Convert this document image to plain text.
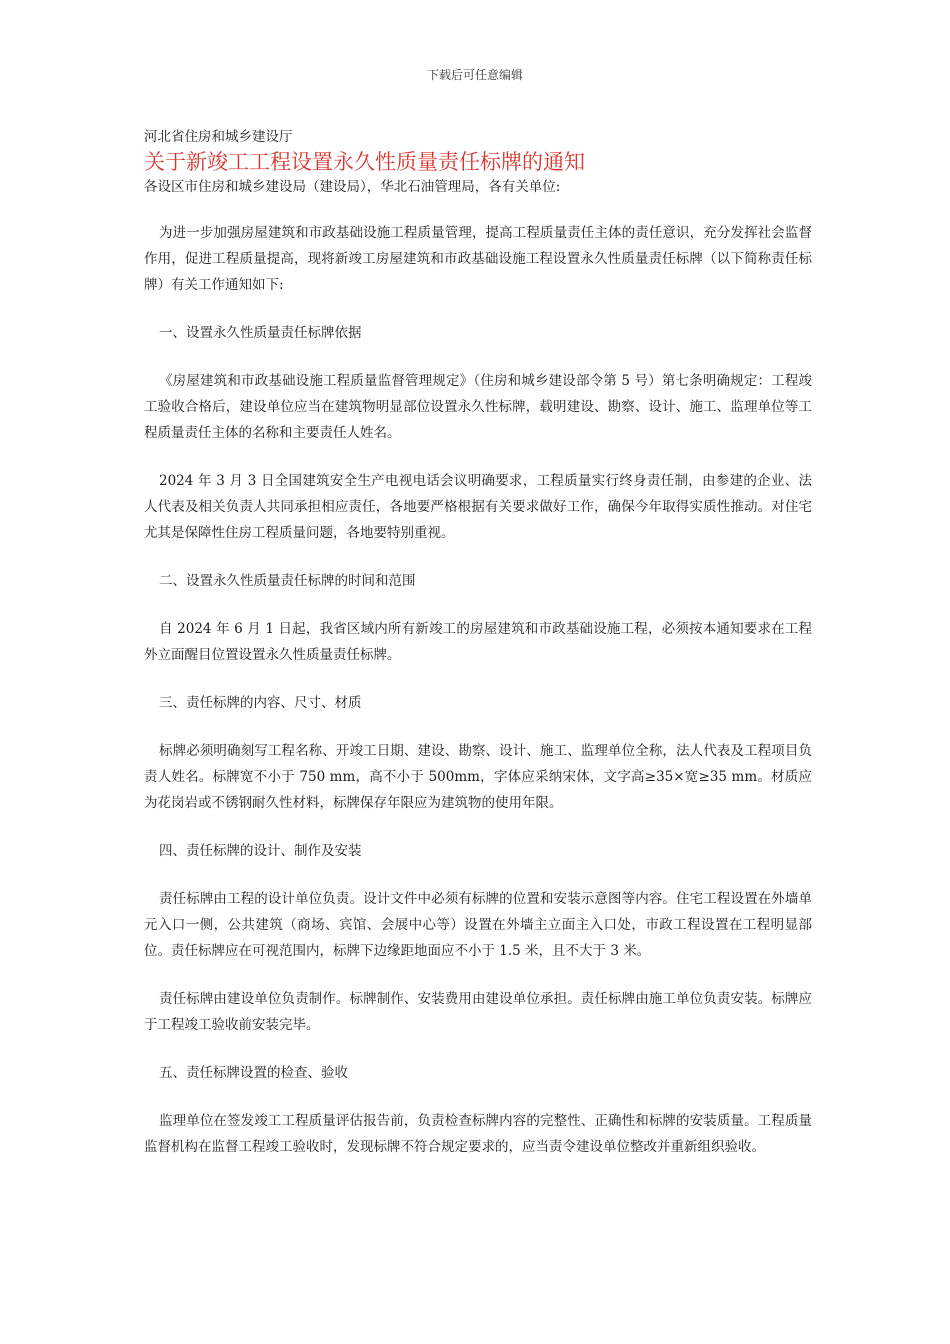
下载后可任意编辑
河北省住房和城乡建设厅
关于新竣工工程设置永久性质量责任标牌的通知
各设区市住房和城乡建设局（建设局），华北石油管理局，各有关单位:

为进一步加强房屋建筑和市政基础设施工程质量管理，提高工程质量责任主体的责任意识，充分发挥社会监督作用，促进工程质量提高，现将新竣工房屋建筑和市政基础设施工程设置永久性质量责任标牌（以下简称责任标牌）有关工作通知如下:

一、设置永久性质量责任标牌依据

《房屋建筑和市政基础设施工程质量监督管理规定》（住房和城乡建设部令第 5 号）第七条明确规定：工程竣工验收合格后，建设单位应当在建筑物明显部位设置永久性标牌，载明建设、勘察、设计、施工、监理单位等工程质量责任主体的名称和主要责任人姓名。

2024 年 3 月 3 日全国建筑安全生产电视电话会议明确要求，工程质量实行终身责任制，由参建的企业、法人代表及相关负责人共同承担相应责任，各地要严格根据有关要求做好工作，确保今年取得实质性推动。对住宅尤其是保障性住房工程质量问题，各地要特别重视。

二、设置永久性质量责任标牌的时间和范围

自 2024 年 6 月 1 日起，我省区域内所有新竣工的房屋建筑和市政基础设施工程，必须按本通知要求在工程外立面醒目位置设置永久性质量责任标牌。

三、责任标牌的内容、尺寸、材质

标牌必须明确刻写工程名称、开竣工日期、建设、勘察、设计、施工、监理单位全称，法人代表及工程项目负责人姓名。标牌宽不小于 750 mm，高不小于 500mm，字体应采纳宋体，文字高≥35×宽≥35 mm。材质应为花岗岩或不锈钢耐久性材料，标牌保存年限应为建筑物的使用年限。

四、责任标牌的设计、制作及安装

责任标牌由工程的设计单位负责。设计文件中必须有标牌的位置和安装示意图等内容。住宅工程设置在外墙单元入口一侧，公共建筑（商场、宾馆、会展中心等）设置在外墙主立面主入口处，市政工程设置在工程明显部位。责任标牌应在可视范围内，标牌下边缘距地面应不小于 1.5 米，且不大于 3 米。

责任标牌由建设单位负责制作。标牌制作、安装费用由建设单位承担。责任标牌由施工单位负责安装。标牌应于工程竣工验收前安装完毕。

五、责任标牌设置的检查、验收

监理单位在签发竣工工程质量评估报告前，负责检查标牌内容的完整性、正确性和标牌的安装质量。工程质量监督机构在监督工程竣工验收时，发现标牌不符合规定要求的，应当责令建设单位整改并重新组织验收。
